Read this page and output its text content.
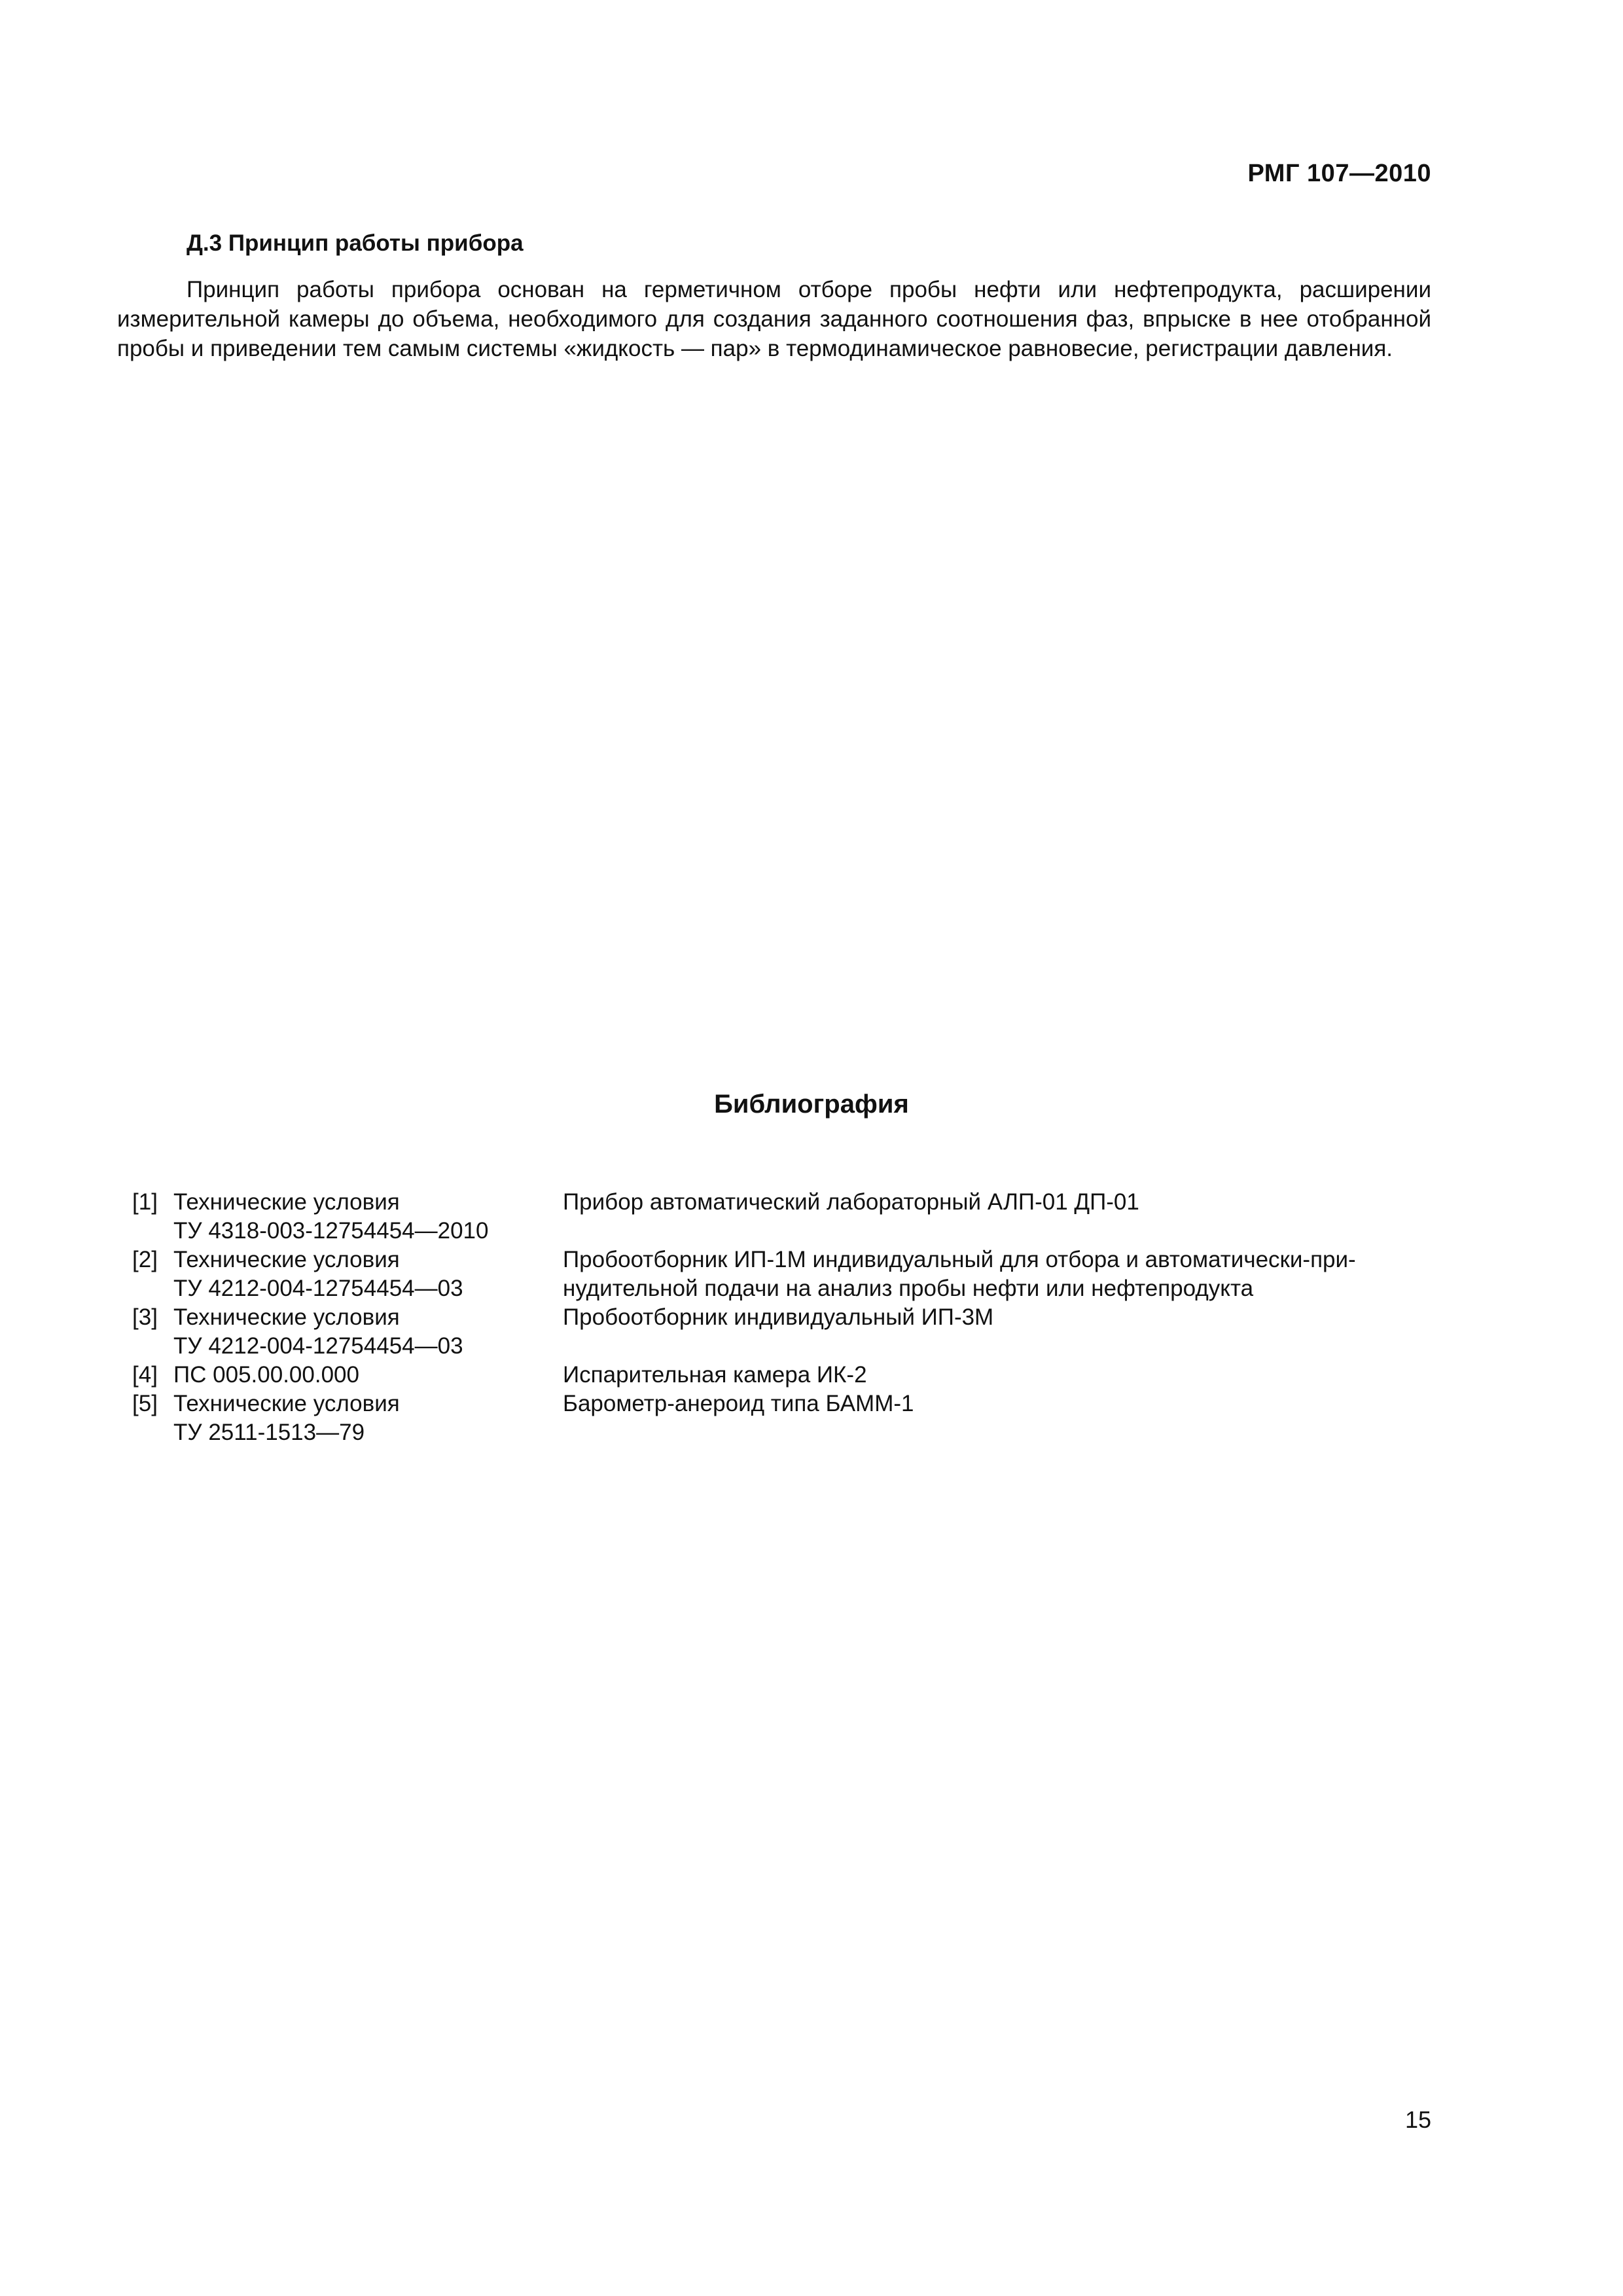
РМГ 107—2010
Д.3 Принцип работы прибора

Принцип работы прибора основан на герметичном отборе пробы нефти или нефтепродукта, расширении измерительной камеры до объема, необходимого для создания заданного соотношения фаз, впрыске в нее отобранной пробы и приведении тем самым системы «жидкость — пар» в термодинамическое равновесие, регистрации давления.

Библиография
[1] Технические условия
ТУ 4318-003-12754454—2010
Прибор автоматический лабораторный АЛП-01 ДП-01
[2] Технические условия
ТУ 4212-004-12754454—03
Пробоотборник ИП-1М индивидуальный для отбора и автоматически-при-
нудительной подачи на анализ пробы нефти или нефтепродукта
[3] Технические условия
ТУ 4212-004-12754454—03
Пробоотборник индивидуальный ИП-3М
[4] ПС 005.00.00.000	Испарительная камера ИК-2
[5] Технические условия
ТУ 2511-1513—79
Барометр-анероид типа БАММ-1
15
